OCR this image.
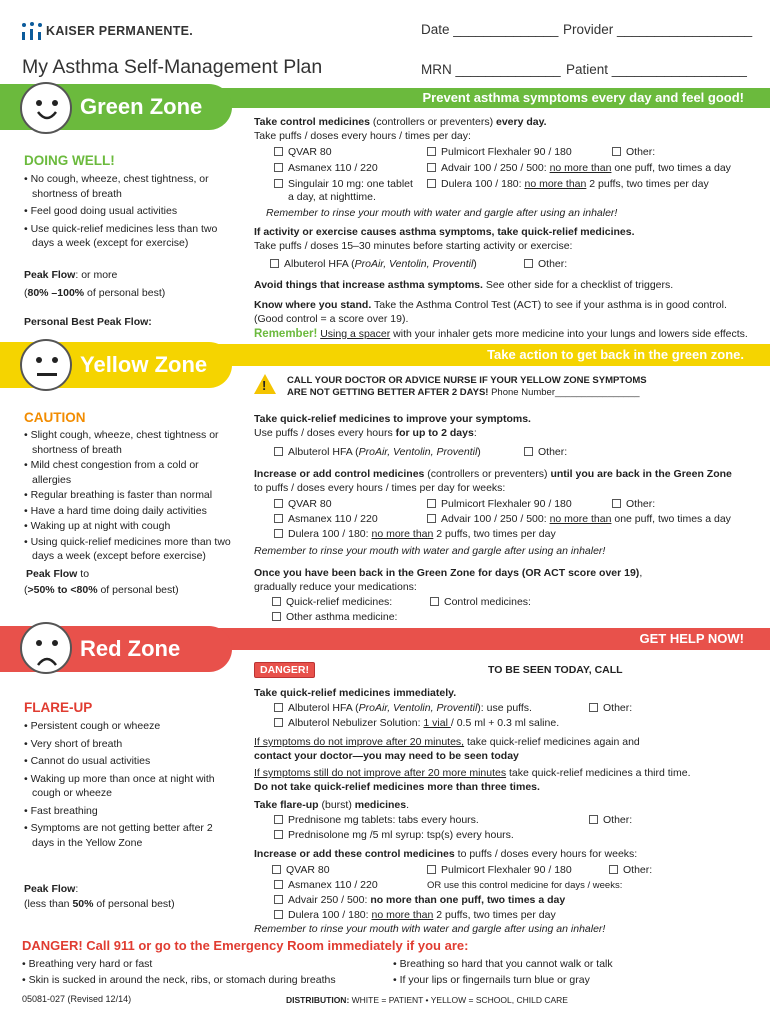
KAISER PERMANENTE.
My Asthma Self-Management Plan
Date ______________ Provider __________________
MRN ______________ Patient __________________
Prevent asthma symptoms every day and feel good!
Green Zone
DOING WELL!
• No cough, wheeze, chest tightness, or shortness of breath
• Feel good doing usual activities
• Use quick-relief medicines less than two days a week (except for exercise)
Peak Flow: or more
(80% –100% of personal best)
Personal Best Peak Flow:
Take control medicines (controllers or preventers) every day.
Take puffs / doses every hours / times per day:
QVAR 80	Pulmicort Flexhaler 90 / 180	Other:
Asmanex 110 / 220	Advair 100 / 250 / 500: no more than one puff, two times a day
Singulair 10 mg: one tablet
a day, at nighttime.
Dulera 100 / 180: no more than 2 puffs, two times per day
Remember to rinse your mouth with water and gargle after using an inhaler!
If activity or exercise causes asthma symptoms, take quick-relief medicines.
Take puffs / doses 15–30 minutes before starting activity or exercise:
Albuterol HFA (ProAir, Ventolin, Proventil)	Other:
Avoid things that increase asthma symptoms. See other side for a checklist of triggers.
Know where you stand. Take the Asthma Control Test (ACT) to see if your asthma is in good control.
(Good control = a score over 19).
Remember! Using a spacer with your inhaler gets more medicine into your lungs and lowers side effects.
Take action to get back in the green zone.
Yellow Zone
! CALL YOUR DOCTOR OR ADVICE NURSE IF YOUR YELLOW ZONE SYMPTOMS
ARE NOT GETTING BETTER AFTER 2 DAYS! Phone Number________________
CAUTION
• Slight cough, wheeze, chest tightness or shortness of breath
• Mild chest congestion from a cold or allergies
• Regular breathing is faster than normal
• Have a hard time doing daily activities
• Waking up at night with cough
• Using quick-relief medicines more than two days a week (except before exercise)
Peak Flow to
(>50% to <80% of personal best)
Take quick-relief medicines to improve your symptoms.
Use puffs / doses every hours for up to 2 days:
Albuterol HFA (ProAir, Ventolin, Proventil)	Other:
Increase or add control medicines (controllers or preventers) until you are back in the Green Zone
to puffs / doses every hours / times per day for weeks:
QVAR 80	Pulmicort Flexhaler 90 / 180	Other:
Asmanex 110 / 220	Advair 100 / 250 / 500: no more than one puff, two times a day
Dulera 100 / 180: no more than 2 puffs, two times per day
Remember to rinse your mouth with water and gargle after using an inhaler!
Once you have been back in the Green Zone for days (OR ACT score over 19),
gradually reduce your medications:
Quick-relief medicines:	Control medicines:
Other asthma medicine:
GET HELP NOW!
Red Zone
DANGER!	TO BE SEEN TODAY, CALL
FLARE-UP
• Persistent cough or wheeze
• Very short of breath
• Cannot do usual activities
• Waking up more than once at night with cough or wheeze
• Fast breathing
• Symptoms are not getting better after 2 days in the Yellow Zone
Peak Flow:
(less than 50% of personal best)
Take quick-relief medicines immediately.
Albuterol HFA (ProAir, Ventolin, Proventil): use puffs.	Other:
Albuterol Nebulizer Solution: 1 vial / 0.5 ml + 0.3 ml saline.
If symptoms do not improve after 20 minutes, take quick-relief medicines again and
contact your doctor—you may need to be seen today
If symptoms still do not improve after 20 more minutes take quick-relief medicines a third time.
Do not take quick-relief medicines more than three times.
Take flare-up (burst) medicines.
Prednisone mg tablets: tabs every hours.	Other:
Prednisolone mg /5 ml syrup: tsp(s) every hours.
Increase or add these control medicines to puffs / doses every hours for weeks:
QVAR 80	Pulmicort Flexhaler 90 / 180	Other:
Asmanex 110 / 220	OR use this control medicine for days / weeks:
Advair 250 / 500: no more than one puff, two times a day
Dulera 100 / 180: no more than 2 puffs, two times per day
Remember to rinse your mouth with water and gargle after using an inhaler!
DANGER! Call 911 or go to the Emergency Room immediately if you are:
• Breathing very hard or fast	• Breathing so hard that you cannot walk or talk
• Skin is sucked in around the neck, ribs, or stomach during breaths	• If your lips or fingernails turn blue or gray
05081-027 (Revised 12/14)	DISTRIBUTION: WHITE = PATIENT • YELLOW = SCHOOL, CHILD CARE
